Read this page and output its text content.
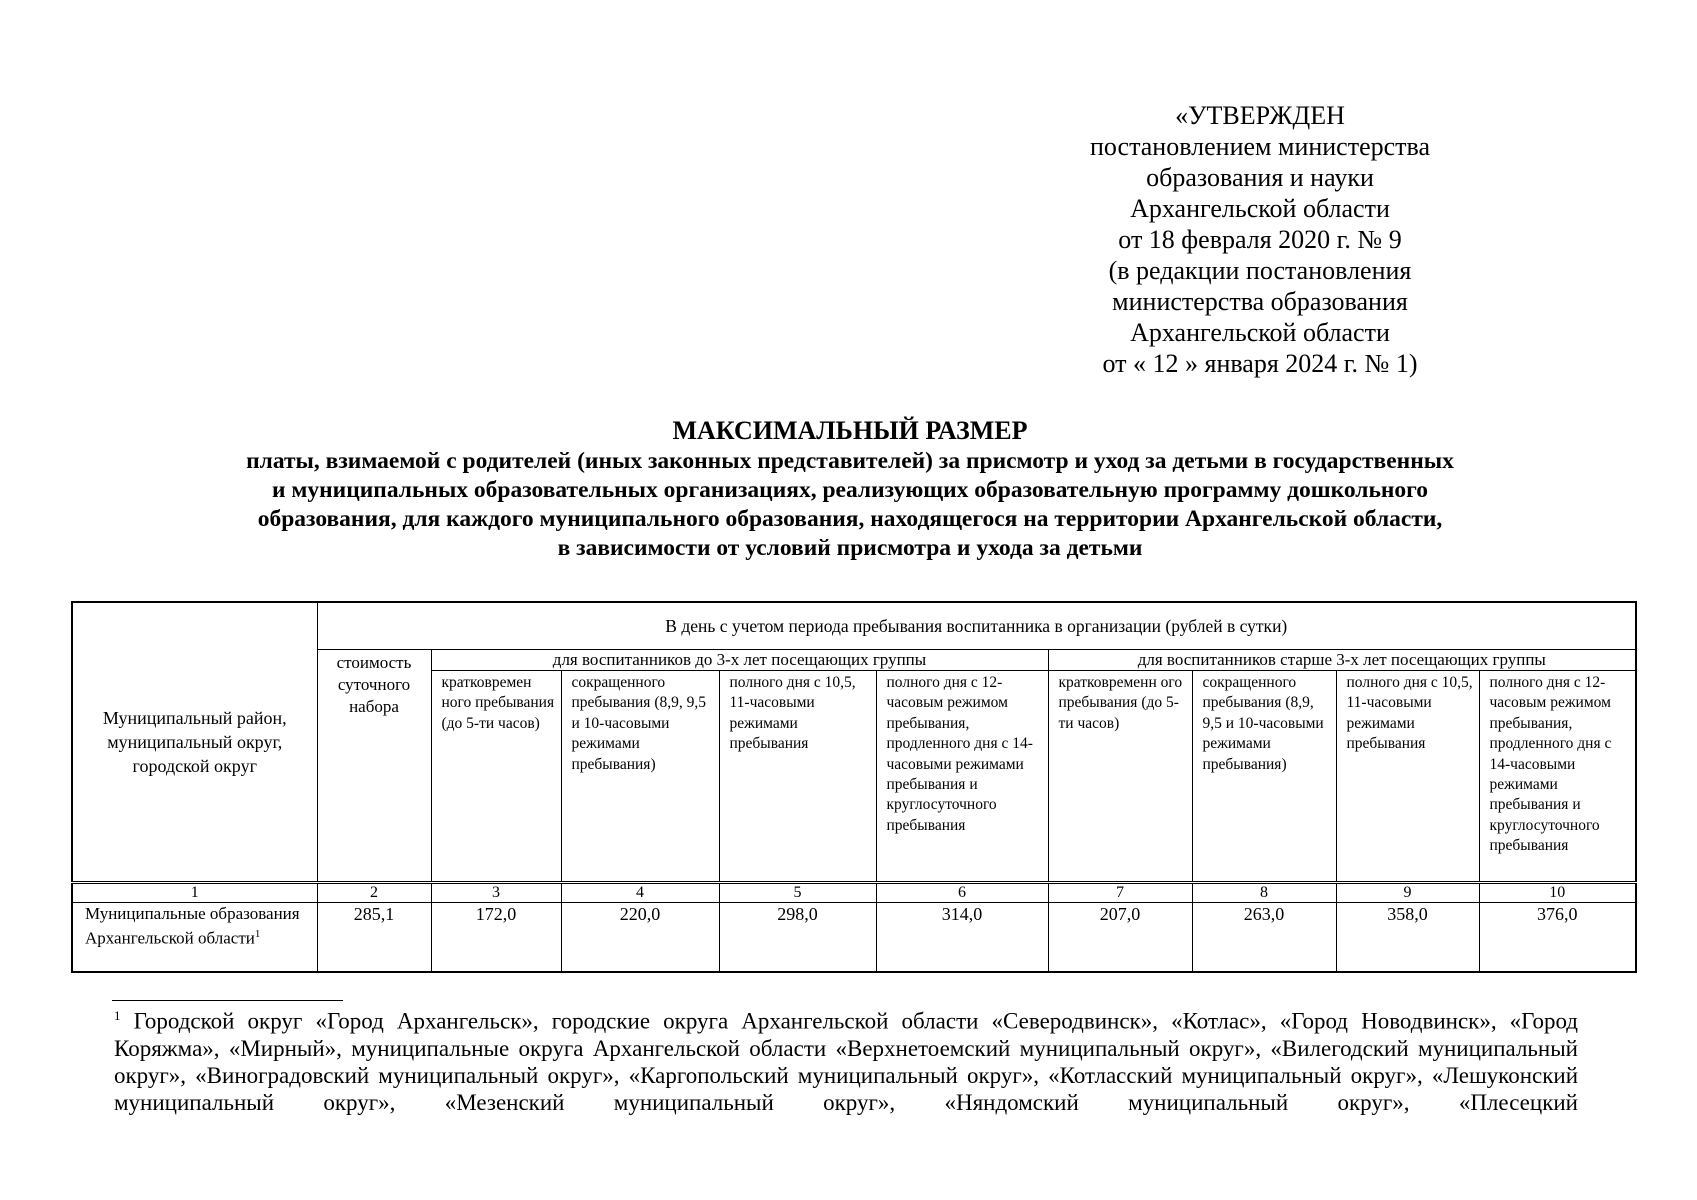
«УТВЕРЖДЕН
постановлением министерства
образования и науки
Архангельской области
от 18 февраля 2020 г. № 9
(в редакции постановления
министерства образования
Архангельской области
от « 12 » января 2024 г. № 1)
МАКСИМАЛЬНЫЙ РАЗМЕР
платы, взимаемой с родителей (иных законных представителей) за присмотр и уход за детьми в государственных
и муниципальных образовательных организациях, реализующих образовательную программу дошкольного
образования, для каждого муниципального образования, находящегося на территории Архангельской области,
в зависимости от условий присмотра и ухода за детьми
Муниципальный район, муниципальный округ, городской округ	В день с учетом периода пребывания воспитанника в организации (рублей в сутки)								
	стоимость суточного набора	для воспитанников до 3-х лет посещающих группы				для воспитанников старше 3-х лет посещающих группы			
		кратковремен ного пребывания (до 5-ти часов)	сокращенного пребывания (8,9, 9,5 и 10-часовыми режимами пребывания)	полного дня с 10,5, 11-часовыми режимами пребывания	полного дня с 12-часовым режимом пребывания, продленного дня с 14-часовыми режимами пребывания и круглосуточного пребывания	кратковременн ого пребывания (до 5-ти часов)	сокращенного пребывания (8,9, 9,5 и 10-часовыми режимами пребывания)	полного дня с 10,5, 11-часовыми режимами пребывания	полного дня с 12-часовым режимом пребывания, продленного дня с 14-часовыми режимами пребывания и круглосуточного пребывания
1	2	3	4	5	6	7	8	9	10
Муниципальные образования Архангельской области$^1$	285,1	172,0	220,0	298,0	314,0	207,0	263,0	358,0	376,0
$^1$ Городской округ «Город Архангельск», городские округа Архангельской области «Северодвинск», «Котлас», «Город Новодвинск», «Город Коряжма», «Мирный», муниципальные округа Архангельской области «Верхнетоемский муниципальный округ», «Вилегодский муниципальный округ», «Виноградовский муниципальный округ», «Каргопольский муниципальный округ», «Котласский муниципальный округ», «Лешуконский муниципальный округ», «Мезенский муниципальный округ», «Няндомский муниципальный округ», «Плесецкий
